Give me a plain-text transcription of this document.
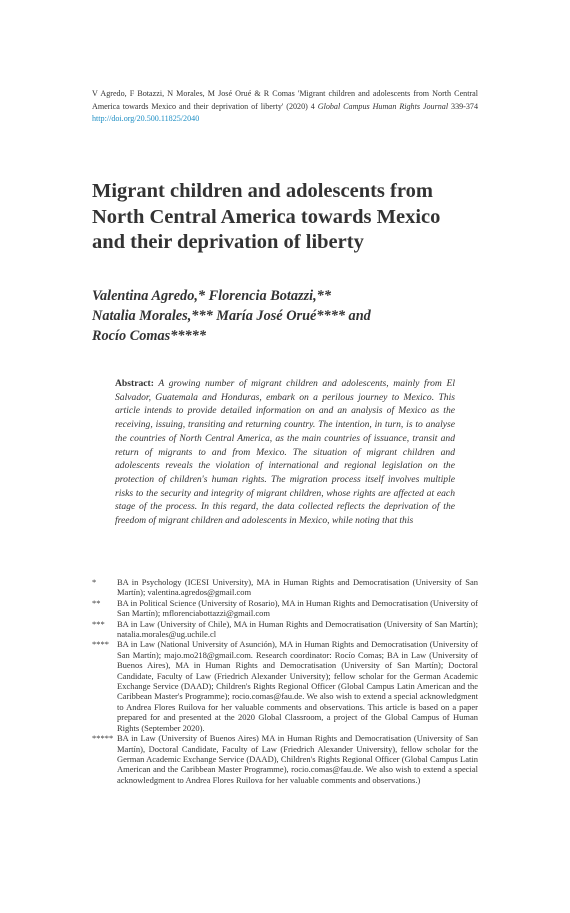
V Agredo, F Botazzi, N Morales, M José Orué & R Comas 'Migrant children and adolescents from North Central America towards Mexico and their deprivation of liberty' (2020) 4 Global Campus Human Rights Journal 339-374 http://doi.org/20.500.11825/2040
Migrant children and adolescents from
North Central America towards Mexico
and their deprivation of liberty
Valentina Agredo,* Florencia Botazzi,**
Natalia Morales,*** María José Orué**** and
Rocío Comas*****
Abstract: A growing number of migrant children and adolescents, mainly from El Salvador, Guatemala and Honduras, embark on a perilous journey to Mexico. This article intends to provide detailed information on and an analysis of Mexico as the receiving, issuing, transiting and returning country. The intention, in turn, is to analyse the countries of North Central America, as the main countries of issuance, transit and return of migrants to and from Mexico. The situation of migrant children and adolescents reveals the violation of international and regional legislation on the protection of children's human rights. The migration process itself involves multiple risks to the security and integrity of migrant children, whose rights are affected at each stage of the process. In this regard, the data collected reflects the deprivation of the freedom of migrant children and adolescents in Mexico, while noting that this
*	BA in Psychology (ICESI University), MA in Human Rights and Democratisation (University of San Martín); valentina.agredos@gmail.com
**	BA in Political Science (University of Rosario), MA in Human Rights and Democratisation (University of San Martín); mflorenciabottazzi@gmail.com
***	BA in Law (University of Chile), MA in Human Rights and Democratisation (University of San Martín); natalia.morales@ug.uchile.cl
**** BA in Law (National University of Asunción), MA in Human Rights and Democratisation (University of San Martín); majo.mo218@gmail.com. Research coordinator: Rocío Comas; BA in Law (University of Buenos Aires), MA in Human Rights and Democratisation (University of San Martín); Doctoral Candidate, Faculty of Law (Friedrich Alexander University); fellow scholar for the German Academic Exchange Service (DAAD); Children's Rights Regional Officer (Global Campus Latin American and the Caribbean Master's Programme); rocio.comas@fau.de. We also wish to extend a special acknowledgment to Andrea Flores Ruilova for her valuable comments and observations. This article is based on a paper prepared for and presented at the 2020 Global Classroom, a project of the Global Campus of Human Rights (September 2020).
***** BA in Law (University of Buenos Aires) MA in Human Rights and Democratisation (University of San Martín), Doctoral Candidate, Faculty of Law (Friedrich Alexander University), fellow scholar for the German Academic Exchange Service (DAAD), Children's Rights Regional Officer (Global Campus Latin American and the Caribbean Master Programme), rocio.comas@fau.de. We also wish to extend a special acknowledgment to Andrea Flores Ruilova for her valuable comments and observations.)
